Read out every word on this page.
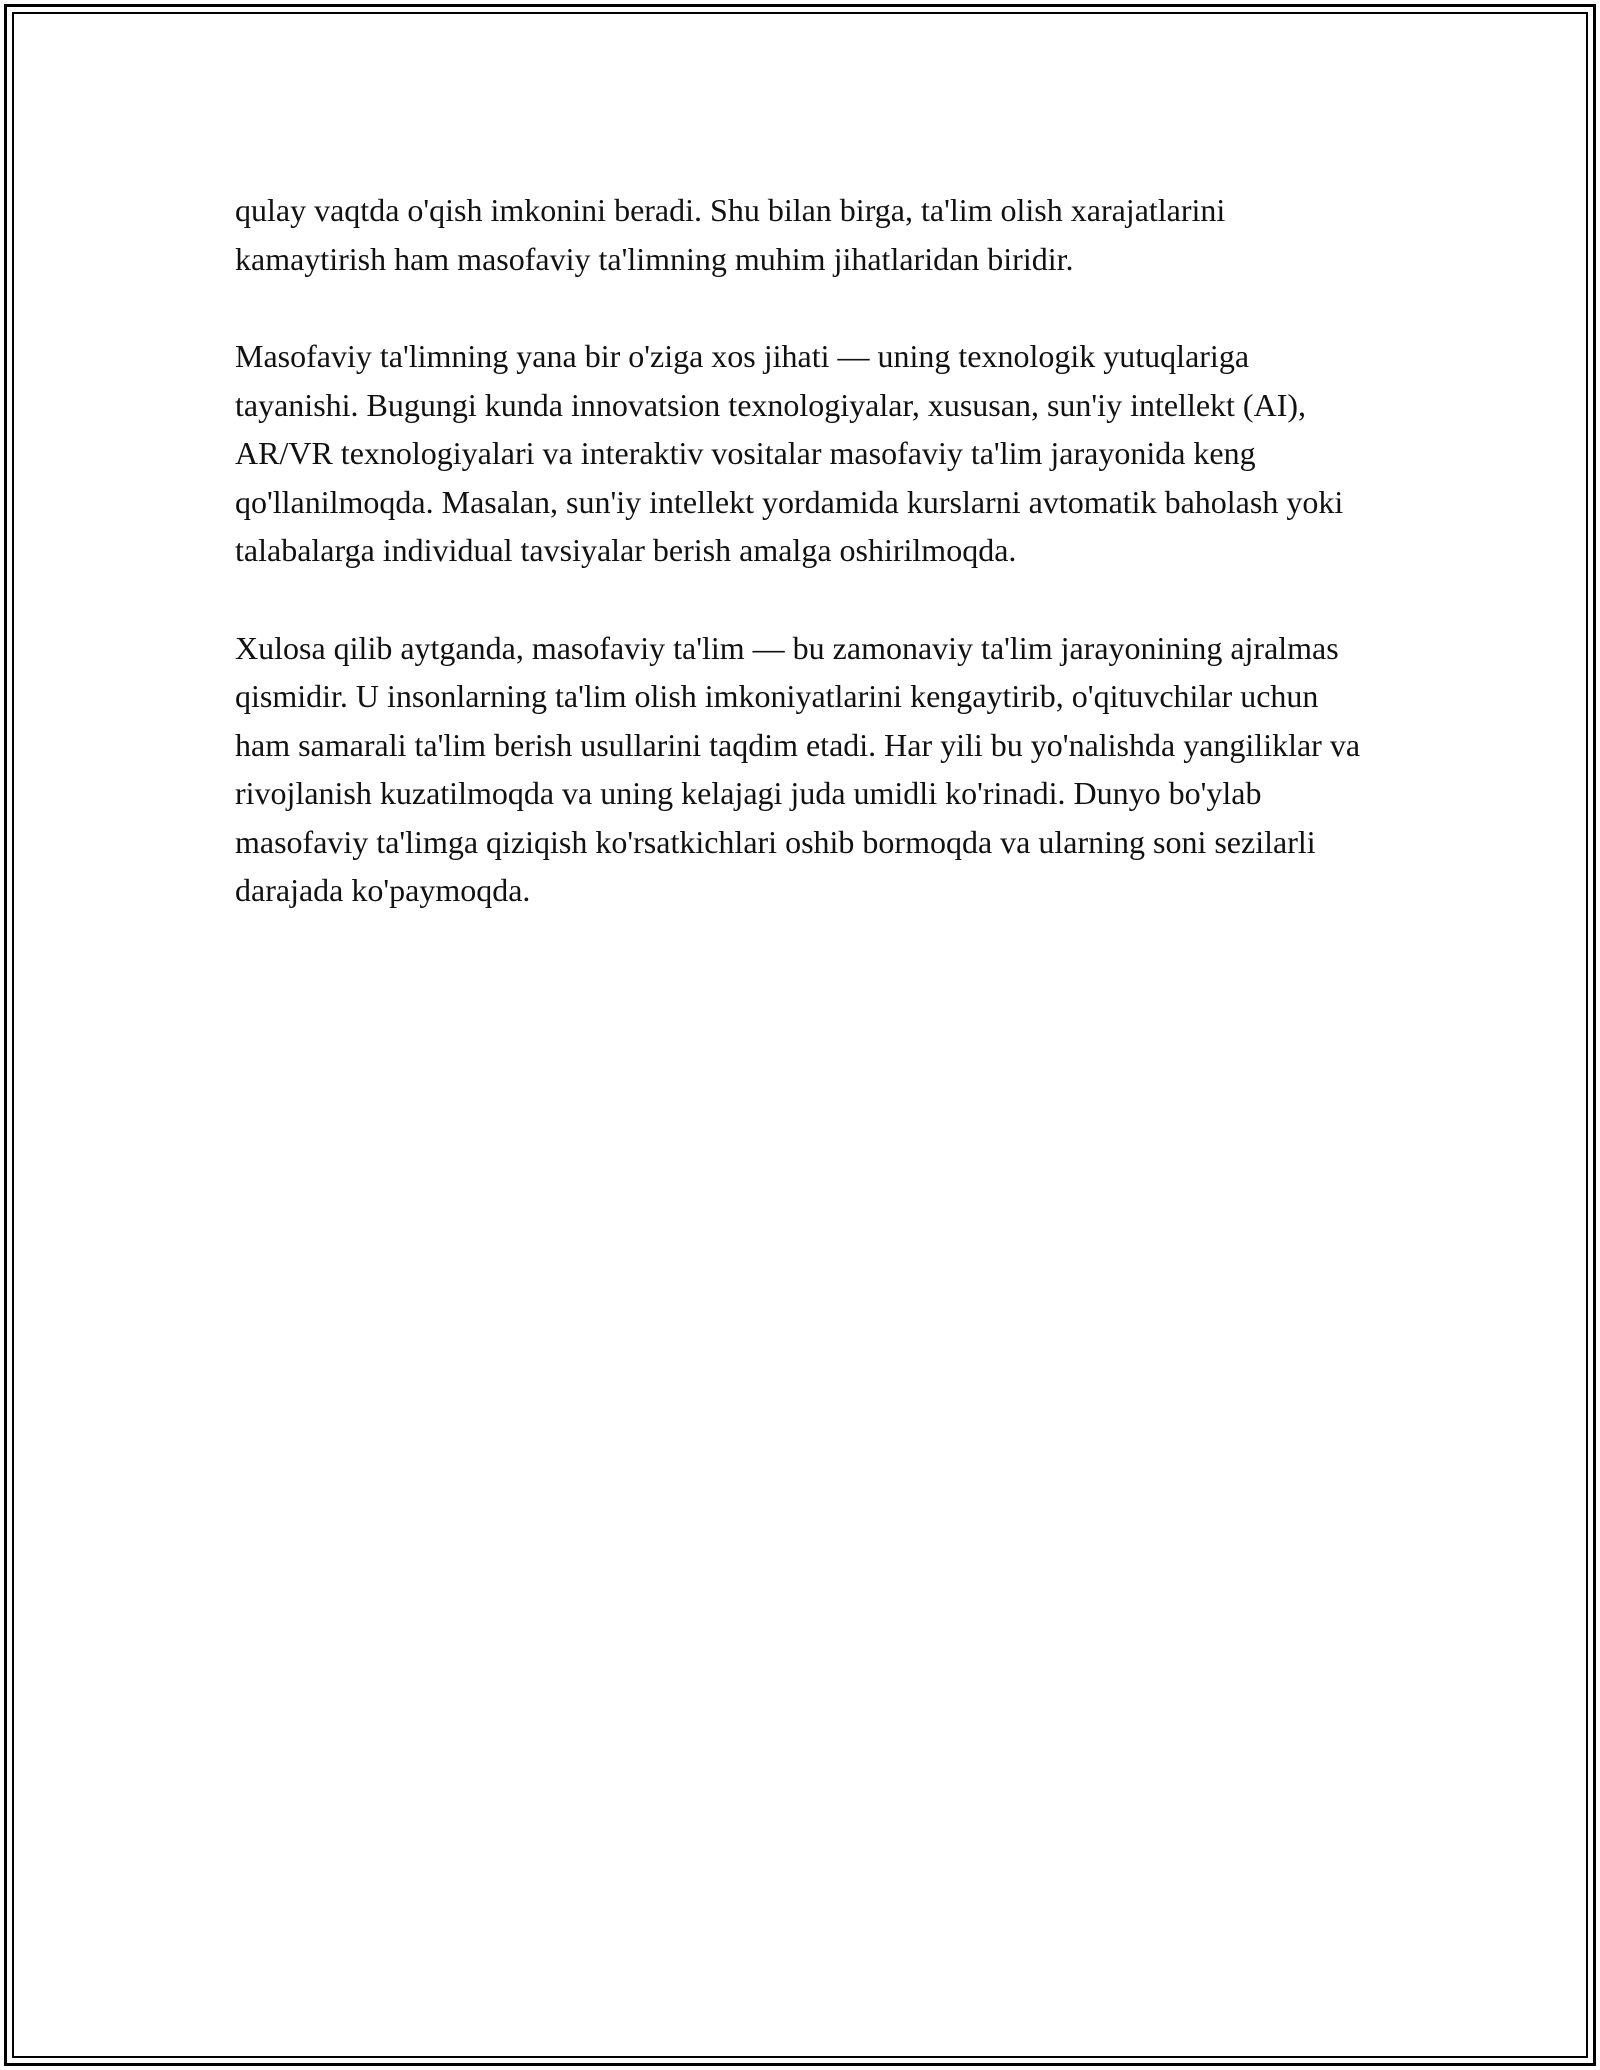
qulay vaqtda o'qish imkonini beradi. Shu bilan birga, ta'lim olish xarajatlarini kamaytirish ham masofaviy ta'limning muhim jihatlaridan biridir.

Masofaviy ta'limning yana bir o'ziga xos jihati — uning texnologik yutuqlariga tayanishi. Bugungi kunda innovatsion texnologiyalar, xususan, sun'iy intellekt (AI), AR/VR texnologiyalari va interaktiv vositalar masofaviy ta'lim jarayonida keng qo'llanilmoqda. Masalan, sun'iy intellekt yordamida kurslarni avtomatik baholash yoki talabalarga individual tavsiyalar berish amalga oshirilmoqda.

Xulosa qilib aytganda, masofaviy ta'lim — bu zamonaviy ta'lim jarayonining ajralmas qismidir. U insonlarning ta'lim olish imkoniyatlarini kengaytirib, o'qituvchilar uchun ham samarali ta'lim berish usullarini taqdim etadi. Har yili bu yo'nalishda yangiliklar va rivojlanish kuzatilmoqda va uning kelajagi juda umidli ko'rinadi. Dunyo bo'ylab masofaviy ta'limga qiziqish ko'rsatkichlari oshib bormoqda va ularning soni sezilarli darajada ko'paymoqda.
